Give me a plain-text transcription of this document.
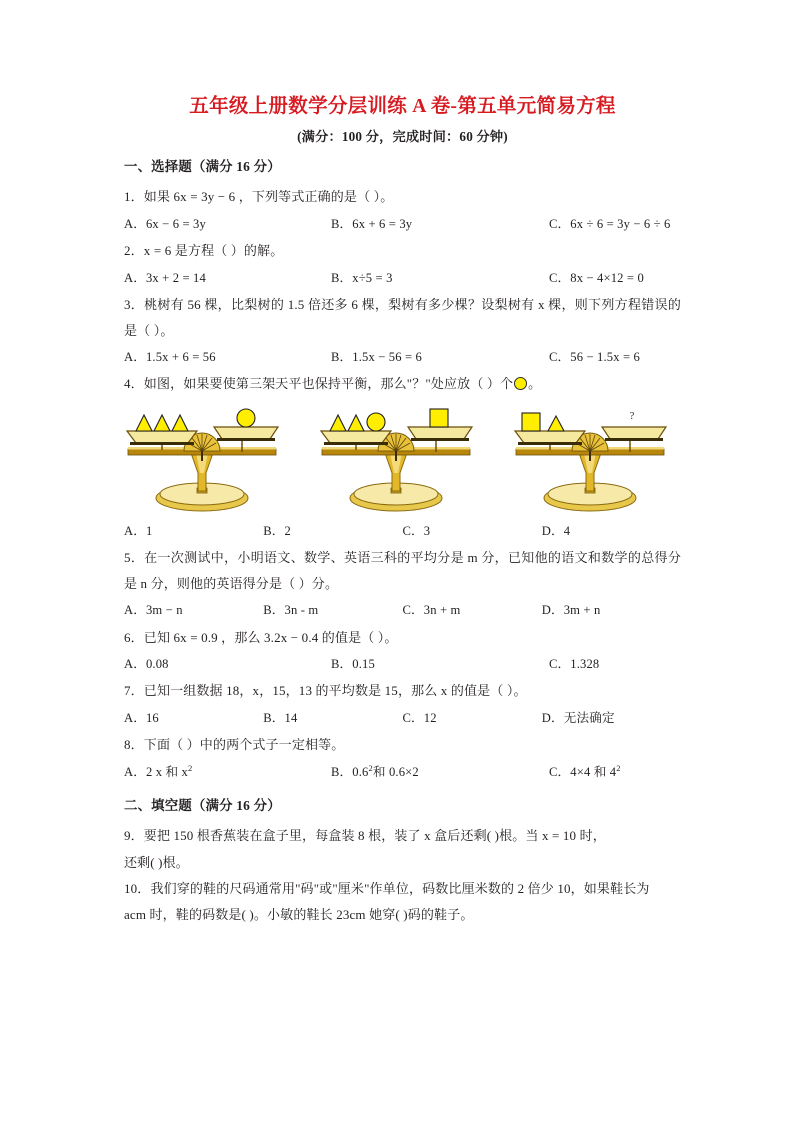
五年级上册数学分层训练 A 卷-第五单元简易方程
(满分：100 分，完成时间：60 分钟)
一、选择题（满分 16 分）
1．如果 6x = 3y − 6 ，下列等式正确的是（ ）。
A．6x − 6 = 3y	B．6x + 6 = 3y	C．6x ÷ 6 = 3y − 6 ÷ 6
2．x = 6 是方程（ ）的解。
A．3x + 2 = 14	B．x÷5 = 3	C．8x − 4×12 = 0
3．桃树有 56 棵，比梨树的 1.5 倍还多 6 棵，梨树有多少棵？设梨树有 x 棵，则下列方程错误的是（ ）。
A．1.5x + 6 = 56	B．1.5x − 56 = 6	C．56 − 1.5x = 6
4．如图，如果要使第三架天平也保持平衡，那么"？"处应放（ ）个 。
?
A．1	B．2	C．3	D．4
5．在一次测试中，小明语文、数学、英语三科的平均分是 m 分，已知他的语文和数学的总得分是 n 分，则他的英语得分是（ ）分。
A．3m − n	B．3n - m	C．3n + m	D．3m + n
6．已知 6x = 0.9 ，那么 3.2x − 0.4 的值是（ ）。
A．0.08	B．0.15	C．1.328
7．已知一组数据 18，x，15，13 的平均数是 15，那么 x 的值是（ ）。
A．16	B．14	C．12	D．无法确定
8．下面（ ）中的两个式子一定相等。
A．2 x 和 $x^2$	B．$0.6^2$和 0.6×2	C．4×4 和 $4^2$
二、填空题（满分 16 分）
9．要把 150 根香蕉装在盒子里，每盒装 8 根，装了 x 盒后还剩( )根。当 x = 10 时，
还剩( )根。
10．我们穿的鞋的尺码通常用"码"或"厘米"作单位，码数比厘米数的 2 倍少 10，如果鞋长为
acm 时，鞋的码数是( )。小敏的鞋长 23cm 她穿( )码的鞋子。
